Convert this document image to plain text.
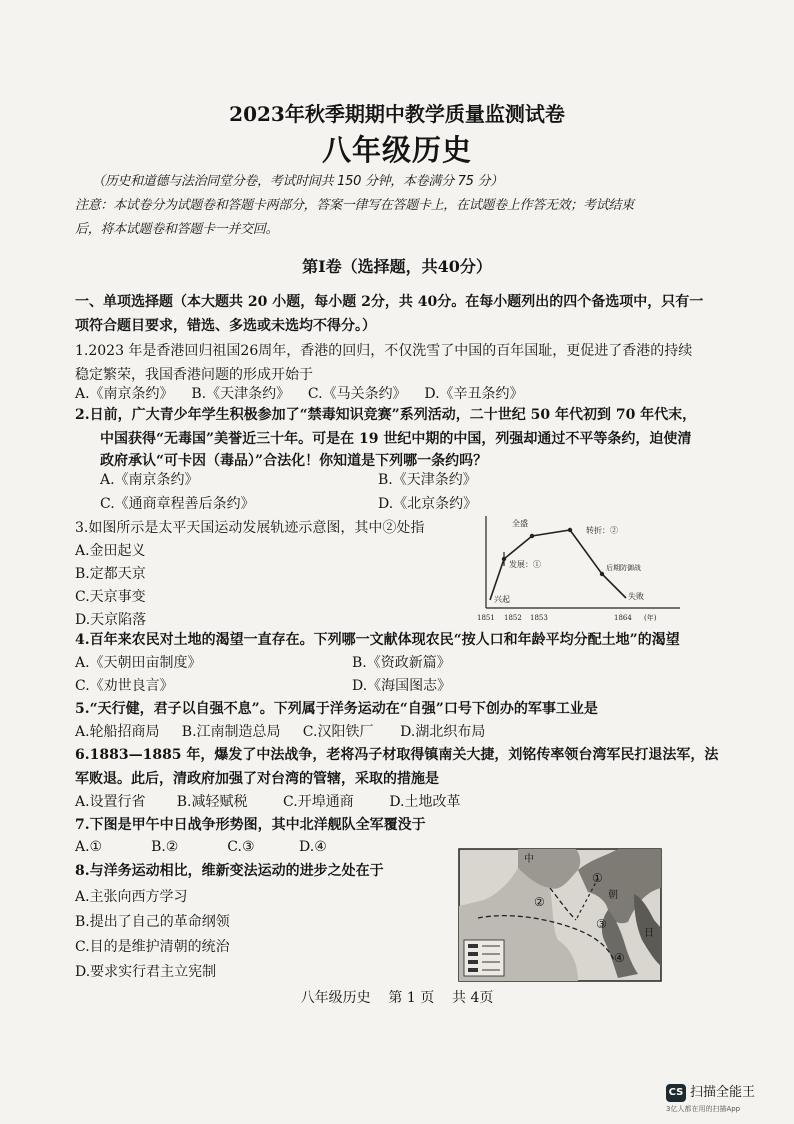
2023年秋季期期中教学质量监测试卷
八年级历史
（历史和道德与法治同堂分卷，考试时间共 150 分钟，本卷满分 75 分）
注意：本试卷分为试题卷和答题卡两部分，答案一律写在答题卡上，在试题卷上作答无效；考试结束
后，将本试题卷和答题卡一并交回。
第I卷（选择题，共40分）
一、单项选择题（本大题共 20 小题，每小题 2分，共 40分。在每小题列出的四个备选项中，只有一
项符合题目要求，错选、多选或未选均不得分。）
1.2023 年是香港回归祖国26周年，香港的回归，不仅洗雪了中国的百年国耻，更促进了香港的持续
稳定繁荣，我国香港问题的形成开始于
A.《南京条约》    B.《天津条约》    C.《马关条约》    D.《辛丑条约》
2.日前，广大青少年学生积极参加了“禁毒知识竞赛”系列活动，二十世纪 50 年代初到 70 年代末，
中国获得“无毒国”美誉近三十年。可是在 19 世纪中期的中国，列强却通过不平等条约，迫使清
政府承认“可卡因（毒品）”合法化！你知道是下列哪一条约吗？
A.《南京条约》	B.《天津条约》
C.《通商章程善后条约》	D.《北京条约》
3.如图所示是太平天国运动发展轨迹示意图，其中②处指
A.金田起义
B.定都天京
C.天京事变
D.天京陷落
全盛
转折：②
发展：①
兴起
后期防御战
失败
1851 1852 1853	1864 (年)
4.百年来农民对土地的渴望一直存在。下列哪一文献体现农民“按人口和年龄平均分配土地”的渴望
A.《天朝田亩制度》	B.《资政新篇》
C.《劝世良言》	D.《海国图志》
5.“天行健，君子以自强不息”。下列属于洋务运动在“自强”口号下创办的军事工业是
A.轮船招商局     B.江南制造总局     C.汉阳铁厂      D.湖北织布局
6.1883—1885 年，爆发了中法战争，老将冯子材取得镇南关大捷，刘铭传率领台湾军民打退法军，法
军败退。此后，清政府加强了对台湾的管辖，采取的措施是
A.设置行省       B.减轻赋税        C.开埠通商        D.土地改革
7.下图是甲午中日战争形势图，其中北洋舰队全军覆没于
A.①           B.②           C.③          D.④
8.与洋务运动相比，维新变法运动的进步之处在于
A.主张向西方学习
B.提出了自己的革命纲领
C.目的是维护清朝的统治
D.要求实行君主立宪制
中
朝
日
①
②
③
④
八年级历史    第 1 页    共 4页
CS 扫描全能王
3亿人都在用的扫描App
